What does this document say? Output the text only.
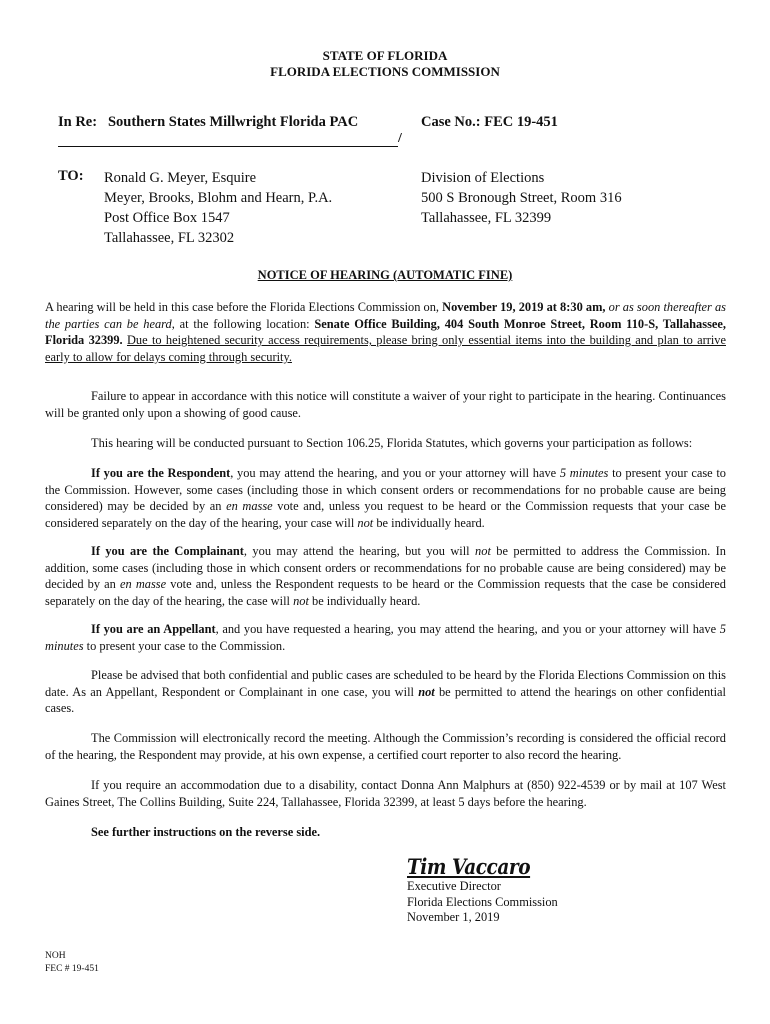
STATE OF FLORIDA
FLORIDA ELECTIONS COMMISSION
In Re:   Southern States Millwright Florida PAC	Case No.: FEC 19-451
/
TO: Ronald G. Meyer, Esquire
Meyer, Brooks, Blohm and Hearn, P.A.
Post Office Box 1547
Tallahassee, FL 32302
Division of Elections
500 S Bronough Street, Room 316
Tallahassee, FL 32399
NOTICE OF HEARING (AUTOMATIC FINE)

A hearing will be held in this case before the Florida Elections Commission on, November 19, 2019 at 8:30 am, or as soon thereafter as the parties can be heard, at the following location: Senate Office Building, 404 South Monroe Street, Room 110-S, Tallahassee, Florida 32399. Due to heightened security access requirements, please bring only essential items into the building and plan to arrive early to allow for delays coming through security.

Failure to appear in accordance with this notice will constitute a waiver of your right to participate in the hearing. Continuances will be granted only upon a showing of good cause.

This hearing will be conducted pursuant to Section 106.25, Florida Statutes, which governs your participation as follows:

If you are the Respondent, you may attend the hearing, and you or your attorney will have 5 minutes to present your case to the Commission. However, some cases (including those in which consent orders or recommendations for no probable cause are being considered) may be decided by an en masse vote and, unless you request to be heard or the Commission requests that your case be considered separately on the day of the hearing, your case will not be individually heard.

If you are the Complainant, you may attend the hearing, but you will not be permitted to address the Commission. In addition, some cases (including those in which consent orders or recommendations for no probable cause are being considered) may be decided by an en masse vote and, unless the Respondent requests to be heard or the Commission requests that the case be considered separately on the day of the hearing, the case will not be individually heard.

If you are an Appellant, and you have requested a hearing, you may attend the hearing, and you or your attorney will have 5 minutes to present your case to the Commission.

Please be advised that both confidential and public cases are scheduled to be heard by the Florida Elections Commission on this date. As an Appellant, Respondent or Complainant in one case, you will not be permitted to attend the hearings on other confidential cases.

The Commission will electronically record the meeting. Although the Commission’s recording is considered the official record of the hearing, the Respondent may provide, at his own expense, a certified court reporter to also record the hearing.

If you require an accommodation due to a disability, contact Donna Ann Malphurs at (850) 922-4539 or by mail at 107 West Gaines Street, The Collins Building, Suite 224, Tallahassee, Florida 32399, at least 5 days before the hearing.

See further instructions on the reverse side.

Tim Vaccaro
Executive Director
Florida Elections Commission
November 1, 2019
NOH
FEC # 19-451
